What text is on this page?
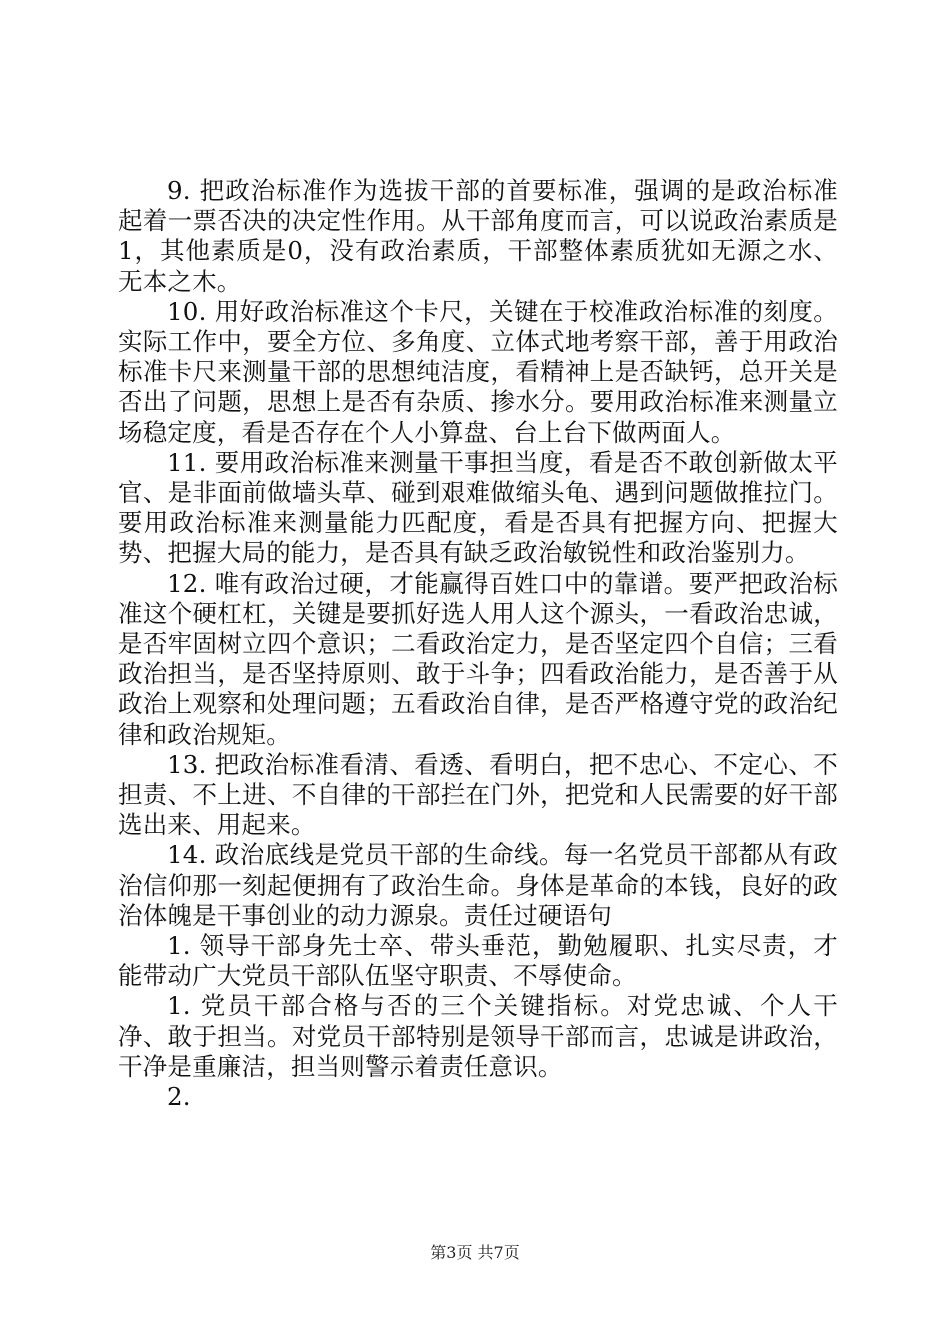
9. 把政治标准作为选拔干部的首要标准，强调的是政治标准起着一票否决的决定性作用。从干部角度而言，可以说政治素质是1，其他素质是0，没有政治素质，干部整体素质犹如无源之水、无本之木。

10. 用好政治标准这个卡尺，关键在于校准政治标准的刻度。实际工作中，要全方位、多角度、立体式地考察干部，善于用政治标准卡尺来测量干部的思想纯洁度，看精神上是否缺钙，总开关是否出了问题，思想上是否有杂质、掺水分。要用政治标准来测量立场稳定度，看是否存在个人小算盘、台上台下做两面人。

11. 要用政治标准来测量干事担当度，看是否不敢创新做太平官、是非面前做墙头草、碰到艰难做缩头龟、遇到问题做推拉门。要用政治标准来测量能力匹配度，看是否具有把握方向、把握大势、把握大局的能力，是否具有缺乏政治敏锐性和政治鉴别力。

12. 唯有政治过硬，才能赢得百姓口中的靠谱。要严把政治标准这个硬杠杠，关键是要抓好选人用人这个源头，一看政治忠诚，是否牢固树立四个意识；二看政治定力，是否坚定四个自信；三看政治担当，是否坚持原则、敢于斗争；四看政治能力，是否善于从政治上观察和处理问题；五看政治自律，是否严格遵守党的政治纪律和政治规矩。

13. 把政治标准看清、看透、看明白，把不忠心、不定心、不担责、不上进、不自律的干部拦在门外，把党和人民需要的好干部选出来、用起来。

14. 政治底线是党员干部的生命线。每一名党员干部都从有政治信仰那一刻起便拥有了政治生命。身体是革命的本钱，良好的政治体魄是干事创业的动力源泉。责任过硬语句

1. 领导干部身先士卒、带头垂范，勤勉履职、扎实尽责，才能带动广大党员干部队伍坚守职责、不辱使命。

1. 党员干部合格与否的三个关键指标。对党忠诚、个人干净、敢于担当。对党员干部特别是领导干部而言，忠诚是讲政治，干净是重廉洁，担当则警示着责任意识。

2.

第3页 共7页
